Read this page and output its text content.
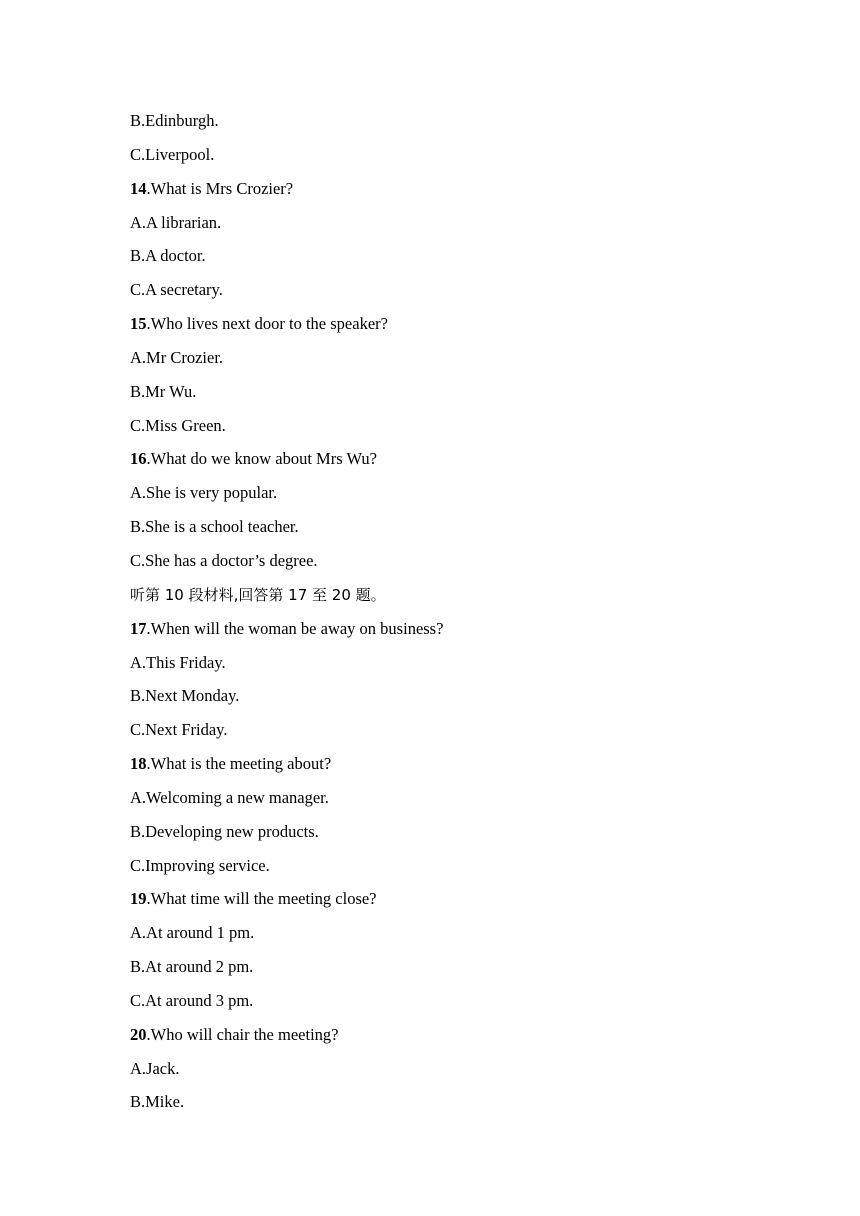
B.Edinburgh.
C.Liverpool.
14.What is Mrs Crozier?
A.A librarian.
B.A doctor.
C.A secretary.
15.Who lives next door to the speaker?
A.Mr Crozier.
B.Mr Wu.
C.Miss Green.
16.What do we know about Mrs Wu?
A.She is very popular.
B.She is a school teacher.
C.She has a doctor’s degree.
听第 10 段材料,回答第 17 至 20 题。
17.When will the woman be away on business?
A.This Friday.
B.Next Monday.
C.Next Friday.
18.What is the meeting about?
A.Welcoming a new manager.
B.Developing new products.
C.Improving service.
19.What time will the meeting close?
A.At around 1 pm.
B.At around 2 pm.
C.At around 3 pm.
20.Who will chair the meeting?
A.Jack.
B.Mike.
